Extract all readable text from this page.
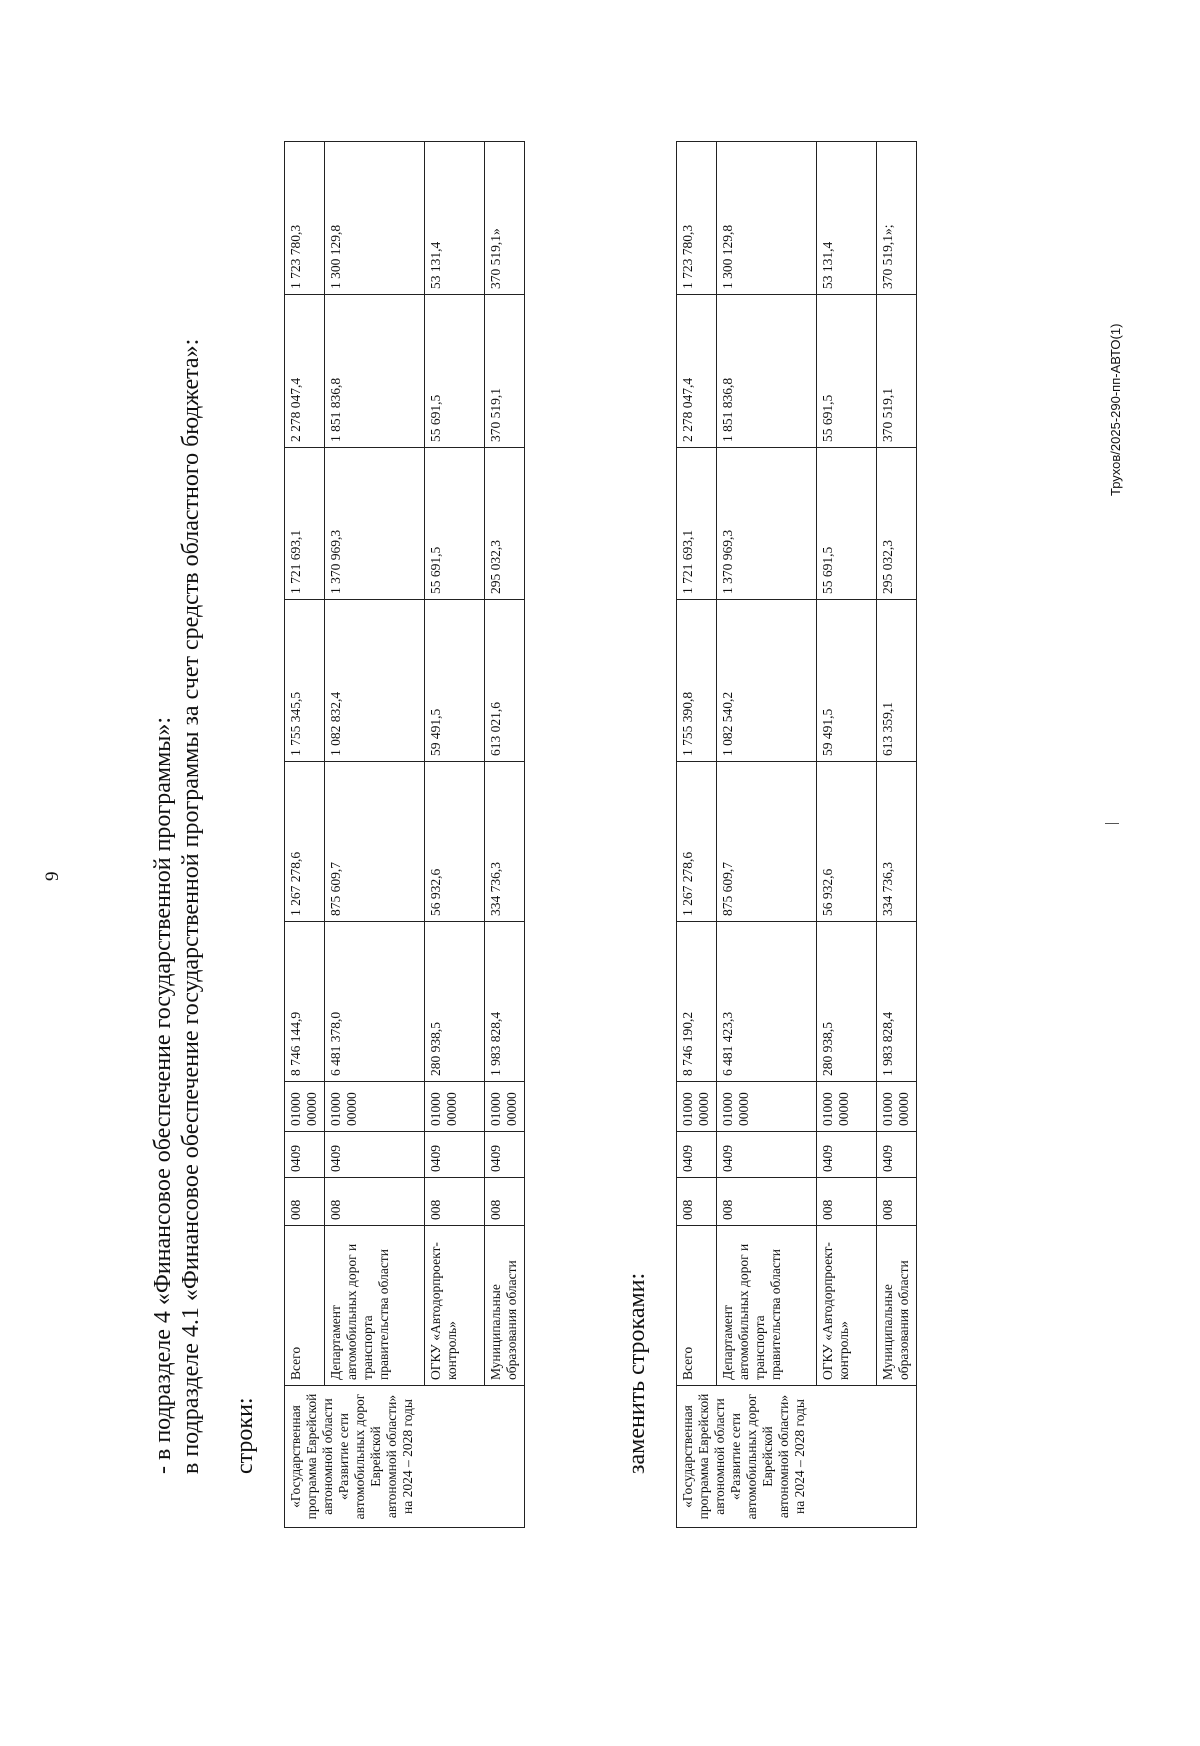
9	- в подразделе 4 «Финансовое обеспечение государственной программы»: в подразделе 4.1 «Финансовое обеспечение государственной программы за счет средств областного бюджета»: строки: «Государственная программа Еврейской автономной области «Развитие сети автомобильных дорог Еврейской автономной области» на 2024 – 2028 годы	Всего	008	0409	01000 00000	8 746 144,9	1 267 278,6	1 755 345,5	1 721 693,1	2 278 047,4	1 723 780,3
	Департамент автомобильных дорог и транспорта правительства области	008	0409	01000 00000	6 481 378,0	875 609,7	1 082 832,4	1 370 969,3	1 851 836,8	1 300 129,8
	ОГКУ «Автодорпроект-контроль»	008	0409	01000 00000	280 938,5	56 932,6	59 491,5	55 691,5	55 691,5	53 131,4
	Муниципальные образования области	008	0409	01000 00000	1 983 828,4	334 736,3	613 021,6	295 032,3	370 519,1	370 519,1»
заменить строками: «Государственная программа Еврейской автономной области «Развитие сети автомобильных дорог Еврейской автономной области» на 2024 – 2028 годы	Всего	008	0409	01000 00000	8 746 190,2	1 267 278,6	1 755 390,8	1 721 693,1	2 278 047,4	1 723 780,3
	Департамент автомобильных дорог и транспорта правительства области	008	0409	01000 00000	6 481 423,3	875 609,7	1 082 540,2	1 370 969,3	1 851 836,8	1 300 129,8
	ОГКУ «Автодорпроект-контроль»	008	0409	01000 00000	280 938,5	56 932,6	59 491,5	55 691,5	55 691,5	53 131,4
	Муниципальные образования области	008	0409	01000 00000	1 983 828,4	334 736,3	613 359,1	295 032,3	370 519,1	370 519,1»;
Трухов/2025-290-пп-АВТО(1)
